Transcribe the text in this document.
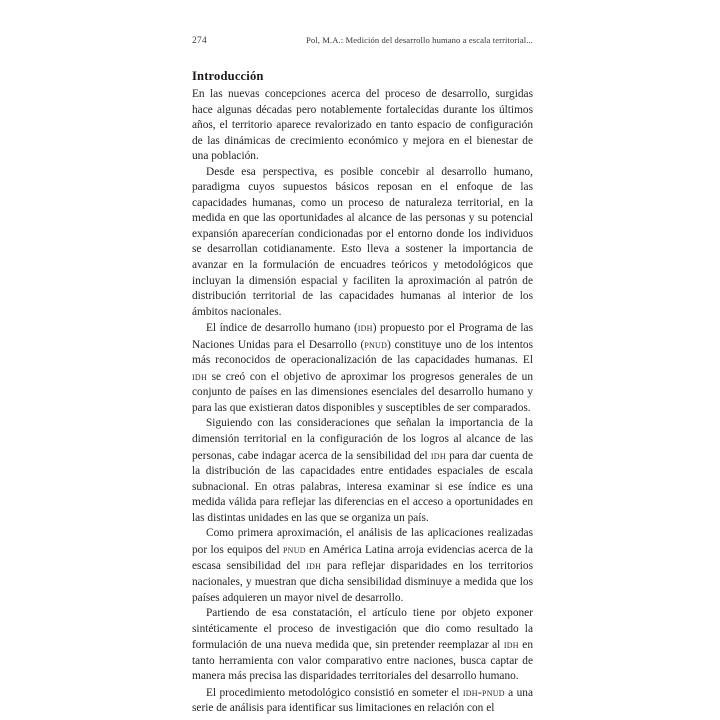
274	Pol, M.A.: Medición del desarrollo humano a escala territorial...
Introducción

En las nuevas concepciones acerca del proceso de desarrollo, surgidas hace algunas décadas pero notablemente fortalecidas durante los últimos años, el territorio aparece revalorizado en tanto espacio de configuración de las dinámicas de crecimiento económico y mejora en el bienestar de una población.

Desde esa perspectiva, es posible concebir al desarrollo humano, paradigma cuyos supuestos básicos reposan en el enfoque de las capacidades humanas, como un proceso de naturaleza territorial, en la medida en que las oportunidades al alcance de las personas y su potencial expansión aparecerían condicionadas por el entorno donde los individuos se desarrollan cotidianamente. Esto lleva a sostener la importancia de avanzar en la formulación de encuadres teóricos y metodológicos que incluyan la dimensión espacial y faciliten la aproximación al patrón de distribución territorial de las capacidades humanas al interior de los ámbitos nacionales.

El índice de desarrollo humano (idh) propuesto por el Programa de las Naciones Unidas para el Desarrollo (pnud) constituye uno de los intentos más reconocidos de operacionalización de las capacidades humanas. El idh se creó con el objetivo de aproximar los progresos generales de un conjunto de países en las dimensiones esenciales del desarrollo humano y para las que existieran datos disponibles y susceptibles de ser comparados.

Siguiendo con las consideraciones que señalan la importancia de la dimensión territorial en la configuración de los logros al alcance de las personas, cabe indagar acerca de la sensibilidad del idh para dar cuenta de la distribución de las capacidades entre entidades espaciales de escala subnacional. En otras palabras, interesa examinar si ese índice es una medida válida para reflejar las diferencias en el acceso a oportunidades en las distintas unidades en las que se organiza un país.

Como primera aproximación, el análisis de las aplicaciones realizadas por los equipos del pnud en América Latina arroja evidencias acerca de la escasa sensibilidad del idh para reflejar disparidades en los territorios nacionales, y muestran que dicha sensibilidad disminuye a medida que los países adquieren un mayor nivel de desarrollo.

Partiendo de esa constatación, el artículo tiene por objeto exponer sintéticamente el proceso de investigación que dio como resultado la formulación de una nueva medida que, sin pretender reemplazar al idh en tanto herramienta con valor comparativo entre naciones, busca captar de manera más precisa las disparidades territoriales del desarrollo humano.

El procedimiento metodológico consistió en someter el idh-pnud a una serie de análisis para identificar sus limitaciones en relación con el
